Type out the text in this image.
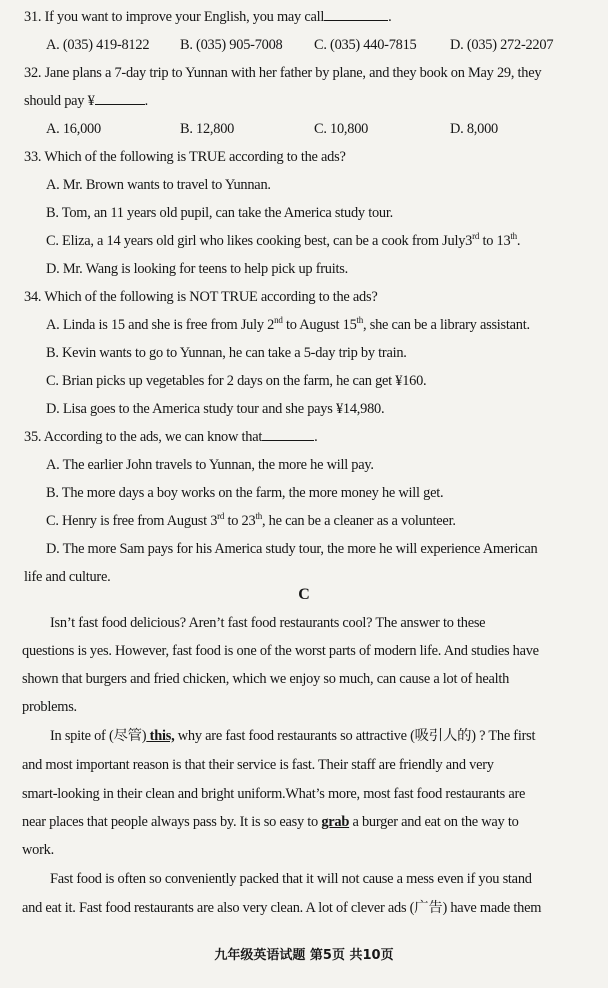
31. If you want to improve your English, you may call	.
A. (035) 419-8122 B. (035) 905-7008 C. (035) 440-7815 D. (035) 272-2207
32. Jane plans a 7-day trip to Yunnan with her father by plane, and they book on May 29, they
should pay ¥	.
A. 16,000	B. 12,800	C. 10,800	D. 8,000
33. Which of the following is TRUE according to the ads?
A. Mr. Brown wants to travel to Yunnan.
B. Tom, an 11 years old pupil, can take the America study tour.
C. Eliza, a 14 years old girl who likes cooking best, can be a cook from July3rd to 13th.
D. Mr. Wang is looking for teens to help pick up fruits.
34. Which of the following is NOT TRUE according to the ads?
A. Linda is 15 and she is free from July 2nd to August 15th, she can be a library assistant.
B. Kevin wants to go to Yunnan, he can take a 5-day trip by train.
C. Brian picks up vegetables for 2 days on the farm, he can get ¥160.
D. Lisa goes to the America study tour and she pays ¥14,980.
35. According to the ads, we can know that	.
A. The earlier John travels to Yunnan, the more he will pay.
B. The more days a boy works on the farm, the more money he will get.
C. Henry is free from August 3rd to 23th, he can be a cleaner as a volunteer.
D. The more Sam pays for his America study tour, the more he will experience American
life and culture.
C
Isn’t fast food delicious? Aren’t fast food restaurants cool? The answer to these
questions is yes. However, fast food is one of the worst parts of modern life. And studies have
shown that burgers and fried chicken, which we enjoy so much, can cause a lot of health
problems.
In spite of (尽管) this, why are fast food restaurants so attractive (吸引人的) ? The first
and most important reason is that their service is fast. Their staff are friendly and very
smart-looking in their clean and bright uniform.What’s more, most fast food restaurants are
near places that people always pass by. It is so easy to grab a burger and eat on the way to
work.
Fast food is often so conveniently packed that it will not cause a mess even if you stand
and eat it. Fast food restaurants are also very clean. A lot of clever ads (广告) have made them
九年级英语试题 第5页 共10页
